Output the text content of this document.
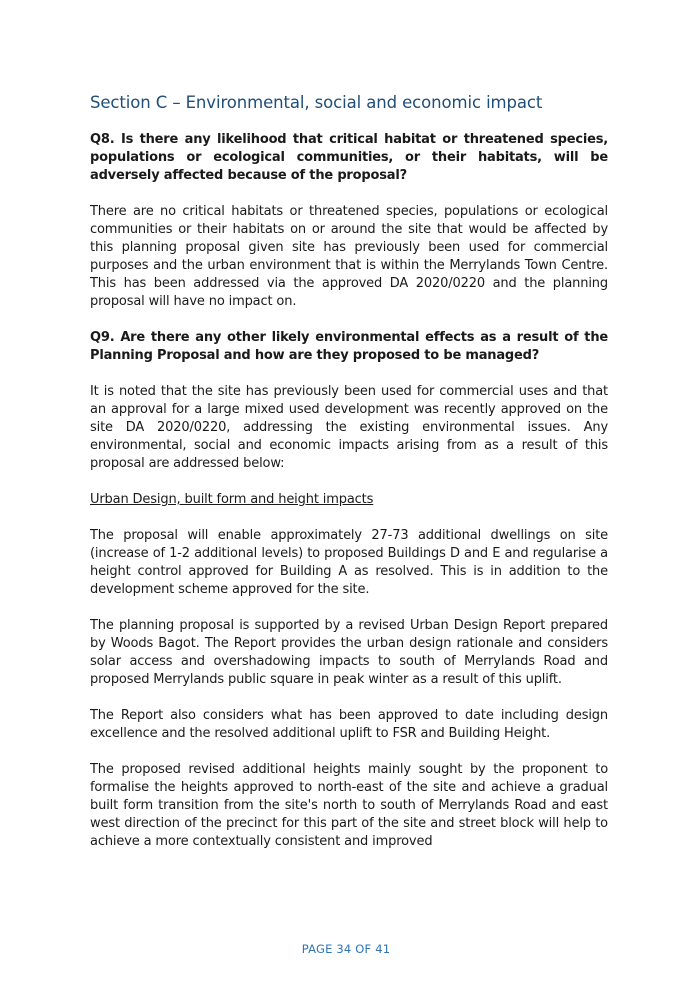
Section C – Environmental, social and economic impact

Q8. Is there any likelihood that critical habitat or threatened species, populations or ecological communities, or their habitats, will be adversely affected because of the proposal?

There are no critical habitats or threatened species, populations or ecological communities or their habitats on or around the site that would be affected by this planning proposal given site has previously been used for commercial purposes and the urban environment that is within the Merrylands Town Centre. This has been addressed via the approved DA 2020/0220 and the planning proposal will have no impact on.

Q9. Are there any other likely environmental effects as a result of the Planning Proposal and how are they proposed to be managed?

It is noted that the site has previously been used for commercial uses and that an approval for a large mixed used development was recently approved on the site DA 2020/0220, addressing the existing environmental issues. Any environmental, social and economic impacts arising from as a result of this proposal are addressed below:

Urban Design, built form and height impacts

The proposal will enable approximately 27-73 additional dwellings on site (increase of 1-2 additional levels) to proposed Buildings D and E and regularise a height control approved for Building A as resolved. This is in addition to the development scheme approved for the site.

The planning proposal is supported by a revised Urban Design Report prepared by Woods Bagot. The Report provides the urban design rationale and considers solar access and overshadowing impacts to south of Merrylands Road and proposed Merrylands public square in peak winter as a result of this uplift.

The Report also considers what has been approved to date including design excellence and the resolved additional uplift to FSR and Building Height.

The proposed revised additional heights mainly sought by the proponent to formalise the heights approved to north-east of the site and achieve a gradual built form transition from the site's north to south of Merrylands Road and east west direction of the precinct for this part of the site and street block will help to achieve a more contextually consistent and improved

PAGE 34 OF 41
